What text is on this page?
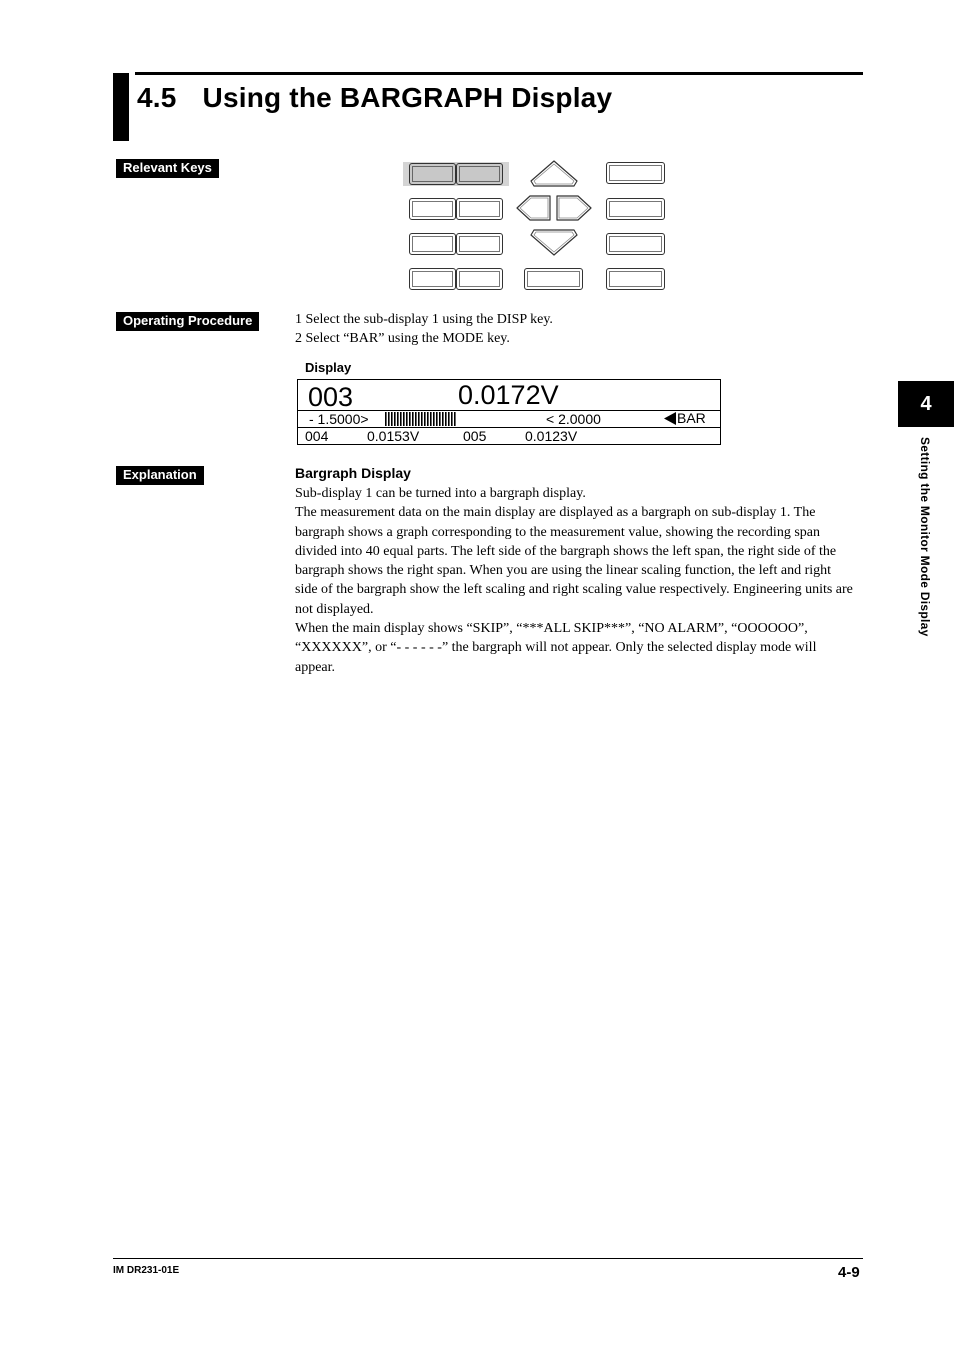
4.5 Using the BARGRAPH Display
Relevant Keys
Operating Procedure	1 Select the sub-display 1 using the DISP key.
2 Select “BAR” using the MODE key.
Display
003	0.0172V
- 1.5000>	< 2.0000	BAR
004	0.0153V	005	0.0123V
Explanation	Bargraph Display

Sub-display 1 can be turned into a bargraph display.

The measurement data on the main display are displayed as a bargraph on sub-display 1. The bargraph shows a graph corresponding to the measurement value, showing the recording span divided into 40 equal parts. The left side of the bargraph shows the left span, the right side of the bargraph shows the right span. When you are using the linear scaling function, the left and right side of the bargraph show the left scaling and right scaling value respectively. Engineering units are not displayed.

When the main display shows “SKIP”, “***ALL SKIP***”, “NO ALARM”, “OOOOOO”, “XXXXXX”, or “- - - - - -” the bargraph will not appear. Only the selected display mode will appear.

4
Setting the Monitor Mode Display
IM DR231-01E	4-9
